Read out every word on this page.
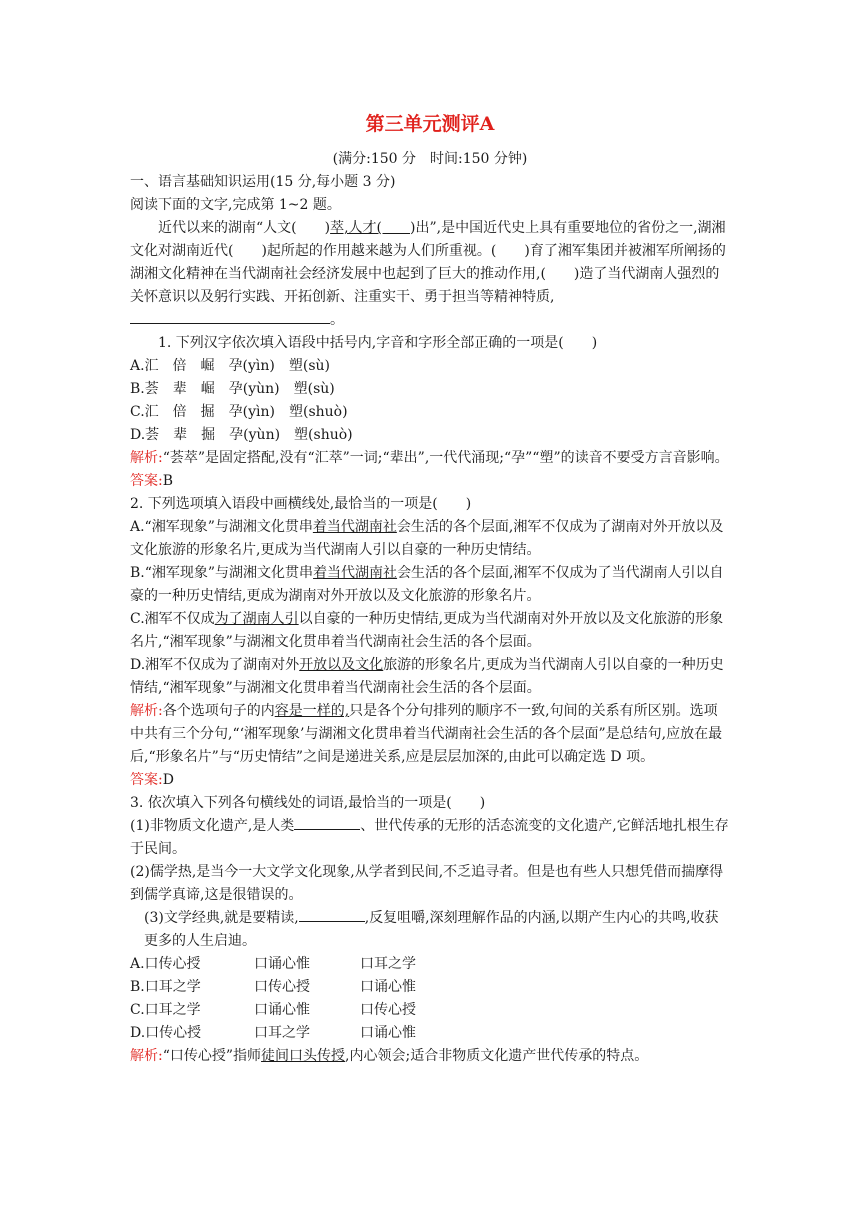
第三单元测评A

(满分:150 分　时间:150 分钟)

一、语言基础知识运用(15 分,每小题 3 分)

阅读下面的文字,完成第 1~2 题。

近代以来的湖南“人文(　　)萃,人才(　　)出”,是中国近代史上具有重要地位的省份之一,湖湘文化对湖南近代(　　)起所起的作用越来越为人们所重视。(　　)育了湘军集团并被湘军所阐扬的湖湘文化精神在当代湖南社会经济发展中也起到了巨大的推动作用,(　　)造了当代湖南人强烈的关怀意识以及躬行实践、开拓创新、注重实干、勇于担当等精神特质,。

1. 下列汉字依次填入语段中括号内,字音和字形全部正确的一项是(　　)

A.汇　倍　崛　孕(yìn)　塑(sù)

B.荟　辈　崛　孕(yùn)　塑(sù)

C.汇　倍　掘　孕(yìn)　塑(shuò)

D.荟　辈　掘　孕(yùn)　塑(shuò)

解析:“荟萃”是固定搭配,没有“汇萃”一词;“辈出”,一代代涌现;“孕”“塑”的读音不要受方言音影响。

答案:B

2. 下列选项填入语段中画横线处,最恰当的一项是(　　)

A.“湘军现象”与湖湘文化贯串着当代湖南社会生活的各个层面,湘军不仅成为了湖南对外开放以及文化旅游的形象名片,更成为当代湖南人引以自豪的一种历史情结。

B.“湘军现象”与湖湘文化贯串着当代湖南社会生活的各个层面,湘军不仅成为了当代湖南人引以自豪的一种历史情结,更成为湖南对外开放以及文化旅游的形象名片。

C.湘军不仅成为了湖南人引以自豪的一种历史情结,更成为当代湖南对外开放以及文化旅游的形象名片,“湘军现象”与湖湘文化贯串着当代湖南社会生活的各个层面。

D.湘军不仅成为了湖南对外开放以及文化旅游的形象名片,更成为当代湖南人引以自豪的一种历史情结,“湘军现象”与湖湘文化贯串着当代湖南社会生活的各个层面。

解析:各个选项句子的内容是一样的,只是各个分句排列的顺序不一致,句间的关系有所区别。选项中共有三个分句,“‘湘军现象’与湖湘文化贯串着当代湖南社会生活的各个层面”是总结句,应放在最后,“形象名片”与“历史情结”之间是递进关系,应是层层加深的,由此可以确定选 D 项。

答案:D

3. 依次填入下列各句横线处的词语,最恰当的一项是(　　)

(1)非物质文化遗产,是人类	、世代传承的无形的活态流变的文化遗产,它鲜活地扎根生存于民间。

(2)儒学热,是当今一大文学文化现象,从学者到民间,不乏追寻者。但是也有些人只想凭借而揣摩得到儒学真谛,这是很错误的。

(3)文学经典,就是要精读,	,反复咀嚼,深刻理解作品的内涵,以期产生内心的共鸣,收获更多的人生启迪。

A.口传心授	口诵心惟	口耳之学
B.口耳之学	口传心授	口诵心惟
C.口耳之学	口诵心惟	口传心授
D.口传心授	口耳之学	口诵心惟

解析:“口传心授”指师徒间口头传授,内心领会;适合非物质文化遗产世代传承的特点。
